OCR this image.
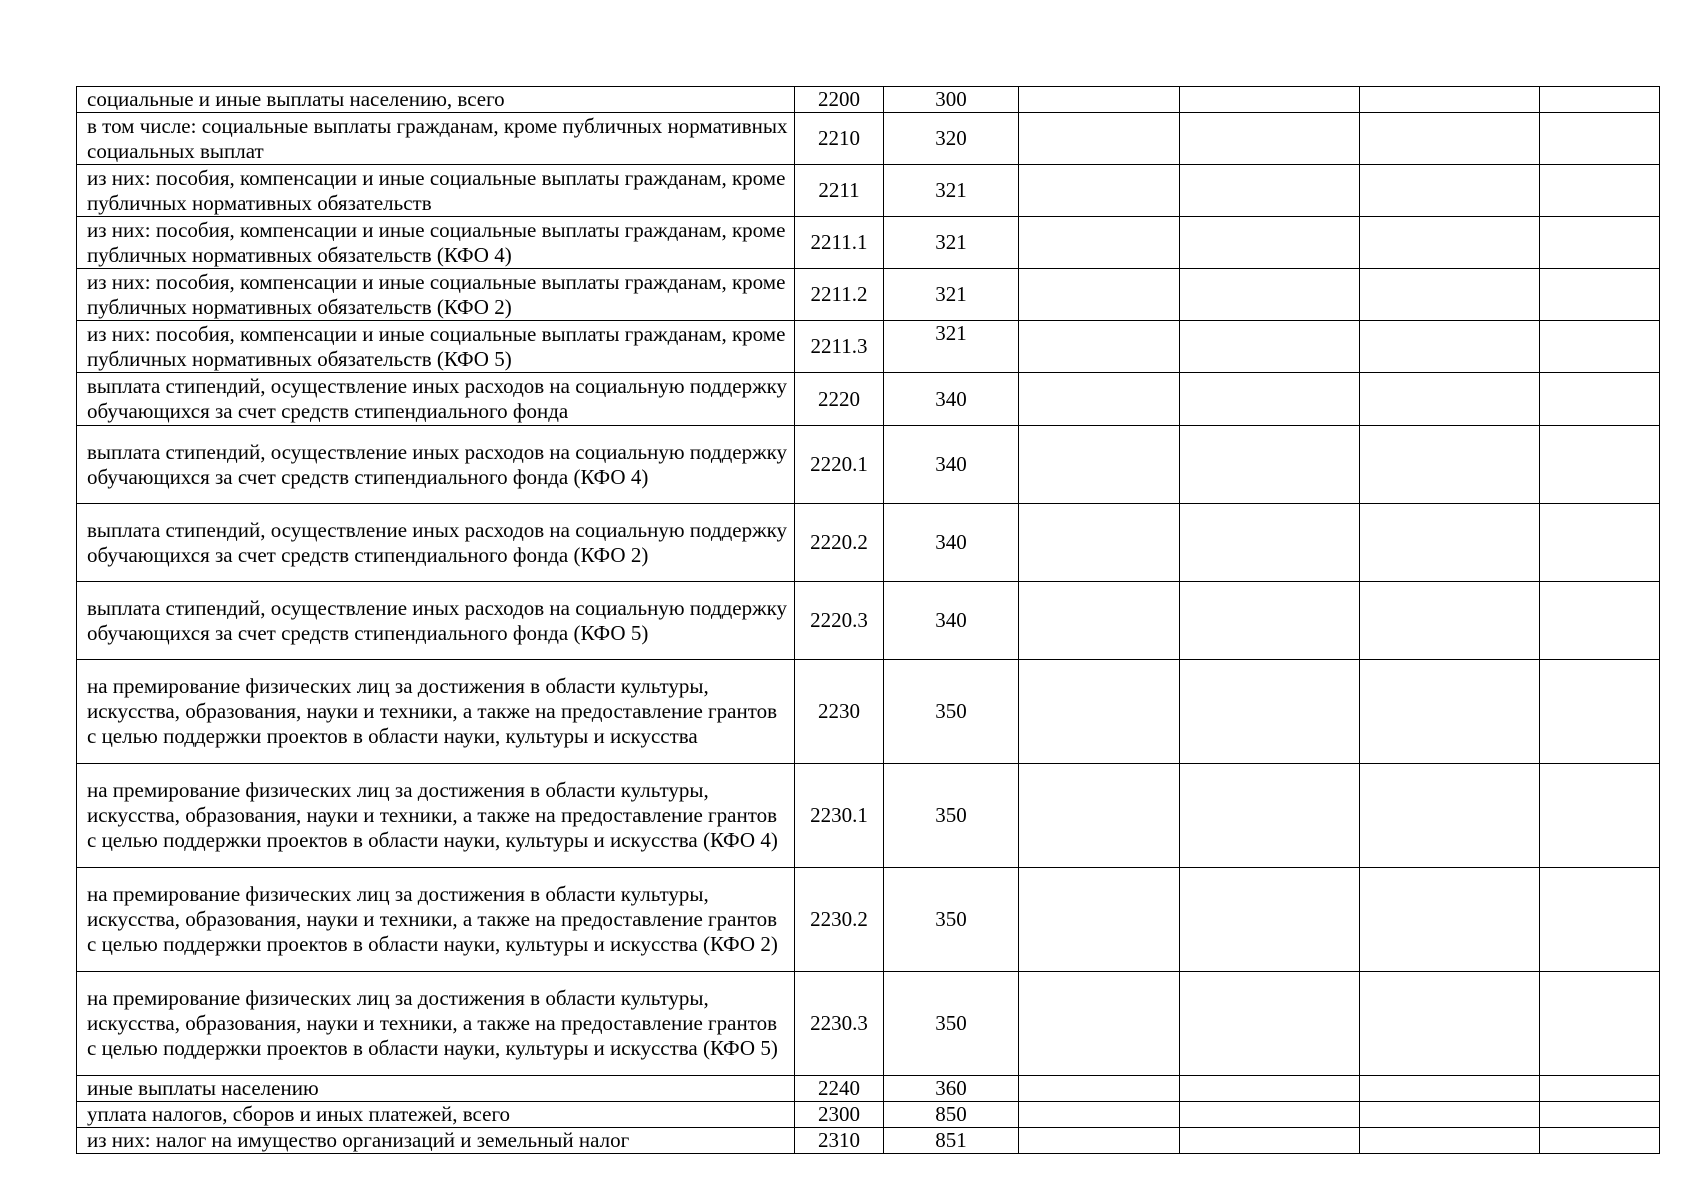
социальные и иные выплаты населению, всего	2200	300				
в том числе: социальные выплаты гражданам, кроме публичных нормативных социальных выплат	2210	320				
из них: пособия, компенсации и иные социальные выплаты гражданам, кроме публичных нормативных обязательств	2211	321				
из них: пособия, компенсации и иные социальные выплаты гражданам, кроме публичных нормативных обязательств (КФО 4)	2211.1	321				
из них: пособия, компенсации и иные социальные выплаты гражданам, кроме публичных нормативных обязательств (КФО 2)	2211.2	321				
из них: пособия, компенсации и иные социальные выплаты гражданам, кроме публичных нормативных обязательств (КФО 5)	2211.3	321				
выплата стипендий, осуществление иных расходов на социальную поддержку обучающихся за счет средств стипендиального фонда	2220	340				
выплата стипендий, осуществление иных расходов на социальную поддержку обучающихся за счет средств стипендиального фонда (КФО 4)	2220.1	340				
выплата стипендий, осуществление иных расходов на социальную поддержку обучающихся за счет средств стипендиального фонда (КФО 2)	2220.2	340				
выплата стипендий, осуществление иных расходов на социальную поддержку обучающихся за счет средств стипендиального фонда (КФО 5)	2220.3	340				
на премирование физических лиц за достижения в области культуры, искусства, образования, науки и техники, а также на предоставление грантов с целью поддержки проектов в области науки, культуры и искусства	2230	350				
на премирование физических лиц за достижения в области культуры, искусства, образования, науки и техники, а также на предоставление грантов с целью поддержки проектов в области науки, культуры и искусства (КФО 4)	2230.1	350				
на премирование физических лиц за достижения в области культуры, искусства, образования, науки и техники, а также на предоставление грантов с целью поддержки проектов в области науки, культуры и искусства (КФО 2)	2230.2	350				
на премирование физических лиц за достижения в области культуры, искусства, образования, науки и техники, а также на предоставление грантов с целью поддержки проектов в области науки, культуры и искусства (КФО 5)	2230.3	350				
иные выплаты населению	2240	360				
уплата налогов, сборов и иных платежей, всего	2300	850				
из них: налог на имущество организаций и земельный налог	2310	851				
